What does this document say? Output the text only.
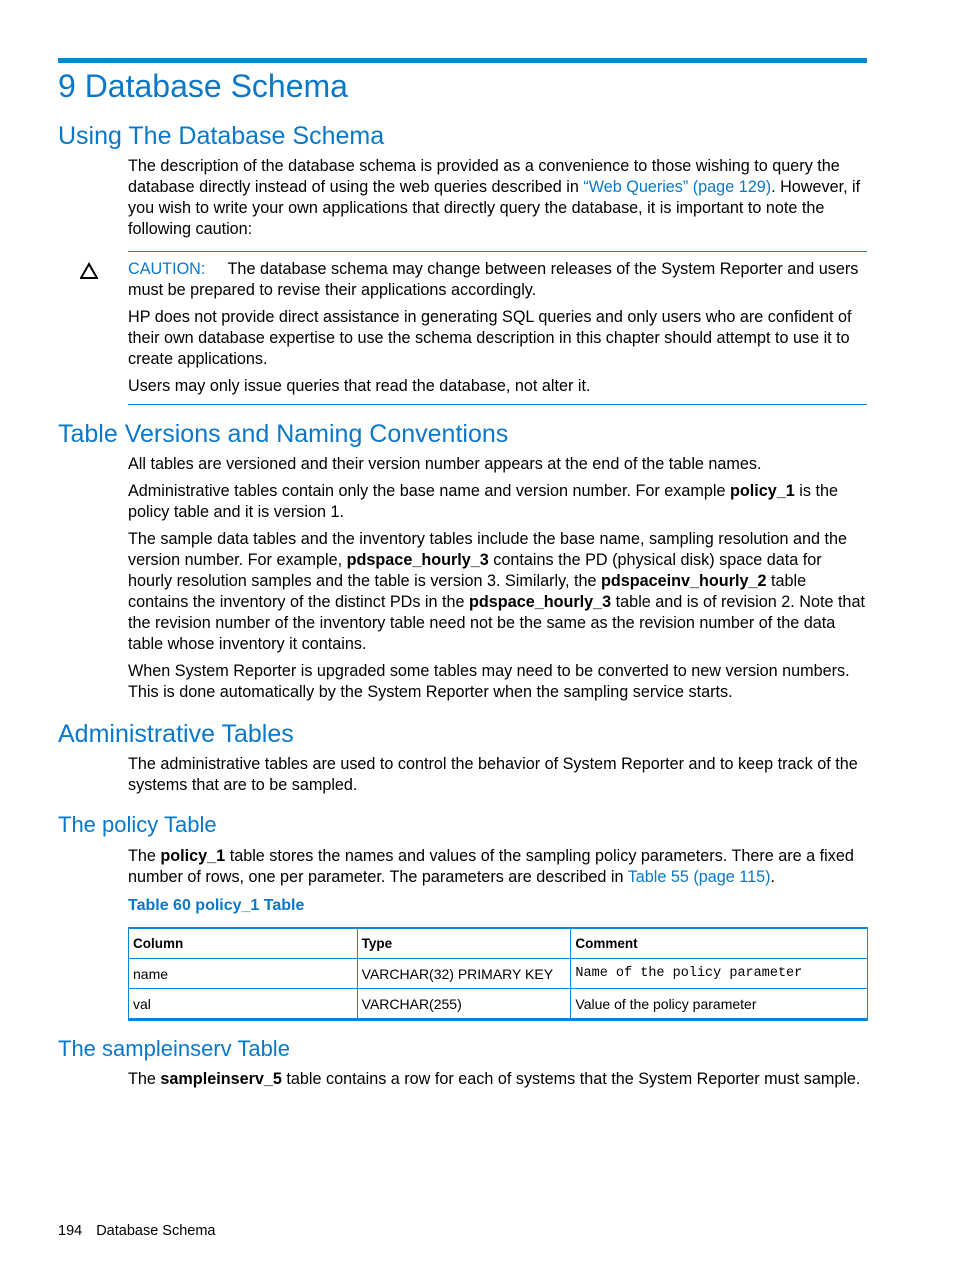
9 Database Schema
Using The Database Schema

The description of the database schema is provided as a convenience to those wishing to query the database directly instead of using the web queries described in “Web Queries” (page 129). However, if you wish to write your own applications that directly query the database, it is important to note the following caution:

CAUTION: The database schema may change between releases of the System Reporter and users must be prepared to revise their applications accordingly.

HP does not provide direct assistance in generating SQL queries and only users who are confident of their own database expertise to use the schema description in this chapter should attempt to use it to create applications.

Users may only issue queries that read the database, not alter it.

Table Versions and Naming Conventions

All tables are versioned and their version number appears at the end of the table names.

Administrative tables contain only the base name and version number. For example policy_1 is the policy table and it is version 1.

The sample data tables and the inventory tables include the base name, sampling resolution and the version number. For example, pdspace_hourly_3 contains the PD (physical disk) space data for hourly resolution samples and the table is version 3. Similarly, the pdspaceinv_hourly_2 table contains the inventory of the distinct PDs in the pdspace_hourly_3 table and is of revision 2. Note that the revision number of the inventory table need not be the same as the revision number of the data table whose inventory it contains.

When System Reporter is upgraded some tables may need to be converted to new version numbers. This is done automatically by the System Reporter when the sampling service starts.

Administrative Tables

The administrative tables are used to control the behavior of System Reporter and to keep track of the systems that are to be sampled.

The policy Table

The policy_1 table stores the names and values of the sampling policy parameters. There are a fixed number of rows, one per parameter. The parameters are described in Table 55 (page 115).

Table 60 policy_1 Table

Column	Type	Comment
name	VARCHAR(32) PRIMARY KEY	Name of the policy parameter
val	VARCHAR(255)	Value of the policy parameter
The sampleinserv Table

The sampleinserv_5 table contains a row for each of systems that the System Reporter must sample.

194 Database Schema
